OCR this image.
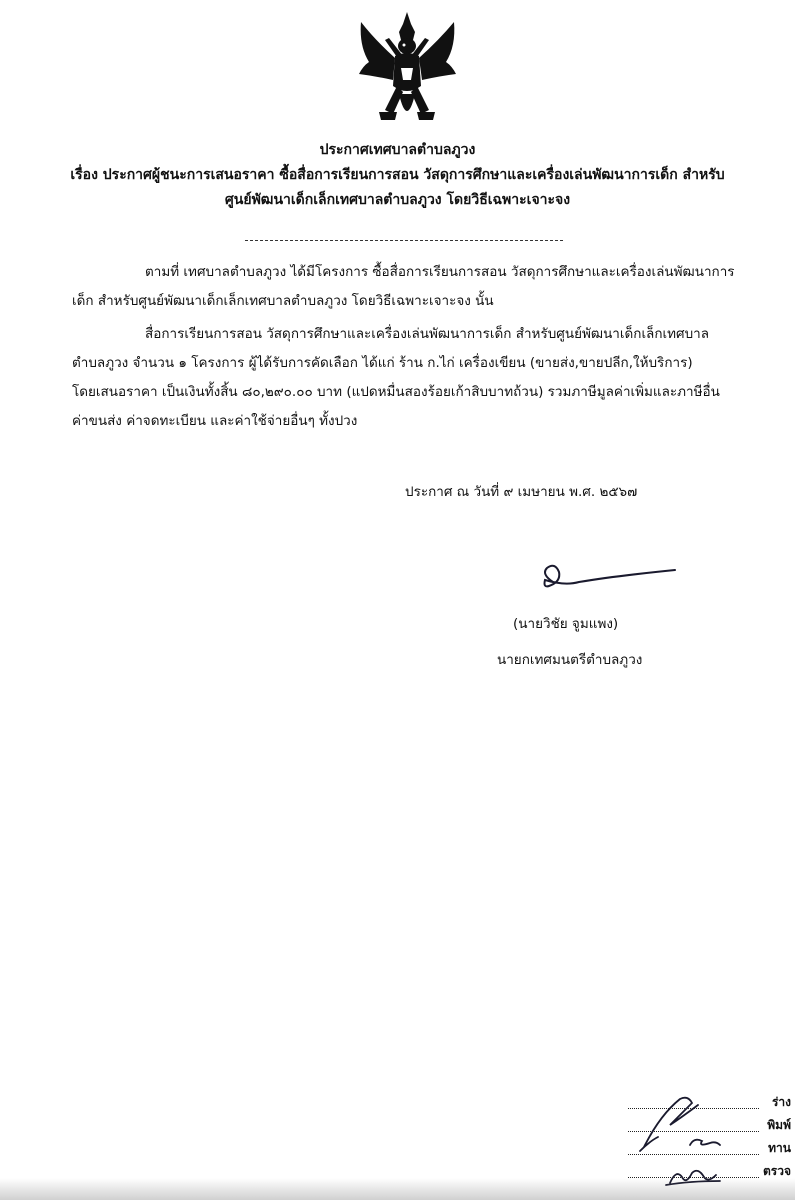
ประกาศเทศบาลตำบลภูวง
เรื่อง ประกาศผู้ชนะการเสนอราคา ซื้อสื่อการเรียนการสอน วัสดุการศึกษาและเครื่องเล่นพัฒนาการเด็ก สำหรับ
ศูนย์พัฒนาเด็กเล็กเทศบาลตำบลภูวง โดยวิธีเฉพาะเจาะจง
ตามที่ เทศบาลตำบลภูวง ได้มีโครงการ ซื้อสื่อการเรียนการสอน วัสดุการศึกษาและเครื่องเล่นพัฒนาการ
เด็ก สำหรับศูนย์พัฒนาเด็กเล็กเทศบาลตำบลภูวง โดยวิธีเฉพาะเจาะจง นั้น
สื่อการเรียนการสอน วัสดุการศึกษาและเครื่องเล่นพัฒนาการเด็ก สำหรับศูนย์พัฒนาเด็กเล็กเทศบาล
ตำบลภูวง จำนวน ๑ โครงการ ผู้ได้รับการคัดเลือก ได้แก่ ร้าน ก.ไก่ เครื่องเขียน (ขายส่ง,ขายปลีก,ให้บริการ)
โดยเสนอราคา เป็นเงินทั้งสิ้น ๘๐,๒๙๐.๐๐ บาท (แปดหมื่นสองร้อยเก้าสิบบาทถ้วน) รวมภาษีมูลค่าเพิ่มและภาษีอื่น
ค่าขนส่ง ค่าจดทะเบียน และค่าใช้จ่ายอื่นๆ ทั้งปวง
ประกาศ ณ วันที่ ๙ เมษายน พ.ศ. ๒๕๖๗
(นายวิชัย จูมแพง)
นายกเทศมนตรีตำบลภูวง
ร่าง
พิมพ์
ทาน
ตรวจ
